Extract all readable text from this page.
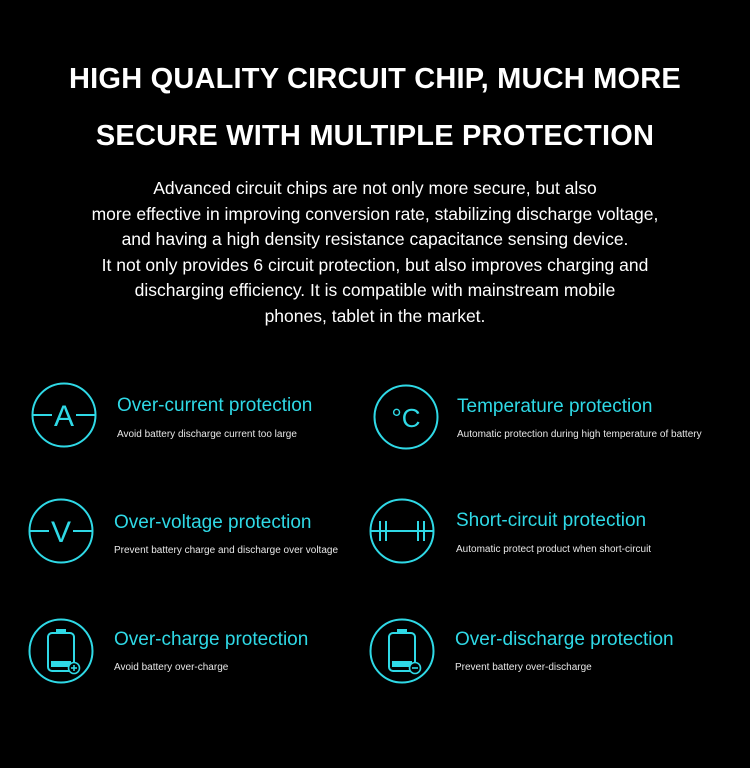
HIGH QUALITY CIRCUIT CHIP, MUCH MORE
SECURE WITH MULTIPLE PROTECTION
Advanced circuit chips are not only more secure, but also
more effective in improving conversion rate, stabilizing discharge voltage,
and having a high density resistance capacitance sensing device.
It not only provides 6 circuit protection, but also improves charging and
discharging efficiency. It is compatible with mainstream mobile
phones, tablet in the market.
A Over-current protection
Avoid battery discharge current too large
°C Temperature protection
Automatic protection during high temperature of battery
V Over-voltage protection
Prevent battery charge and discharge over voltage
Short-circuit protection
Automatic protect product when short-circuit
Over-charge protection
Avoid battery over-charge
Over-discharge protection
Prevent battery over-discharge
